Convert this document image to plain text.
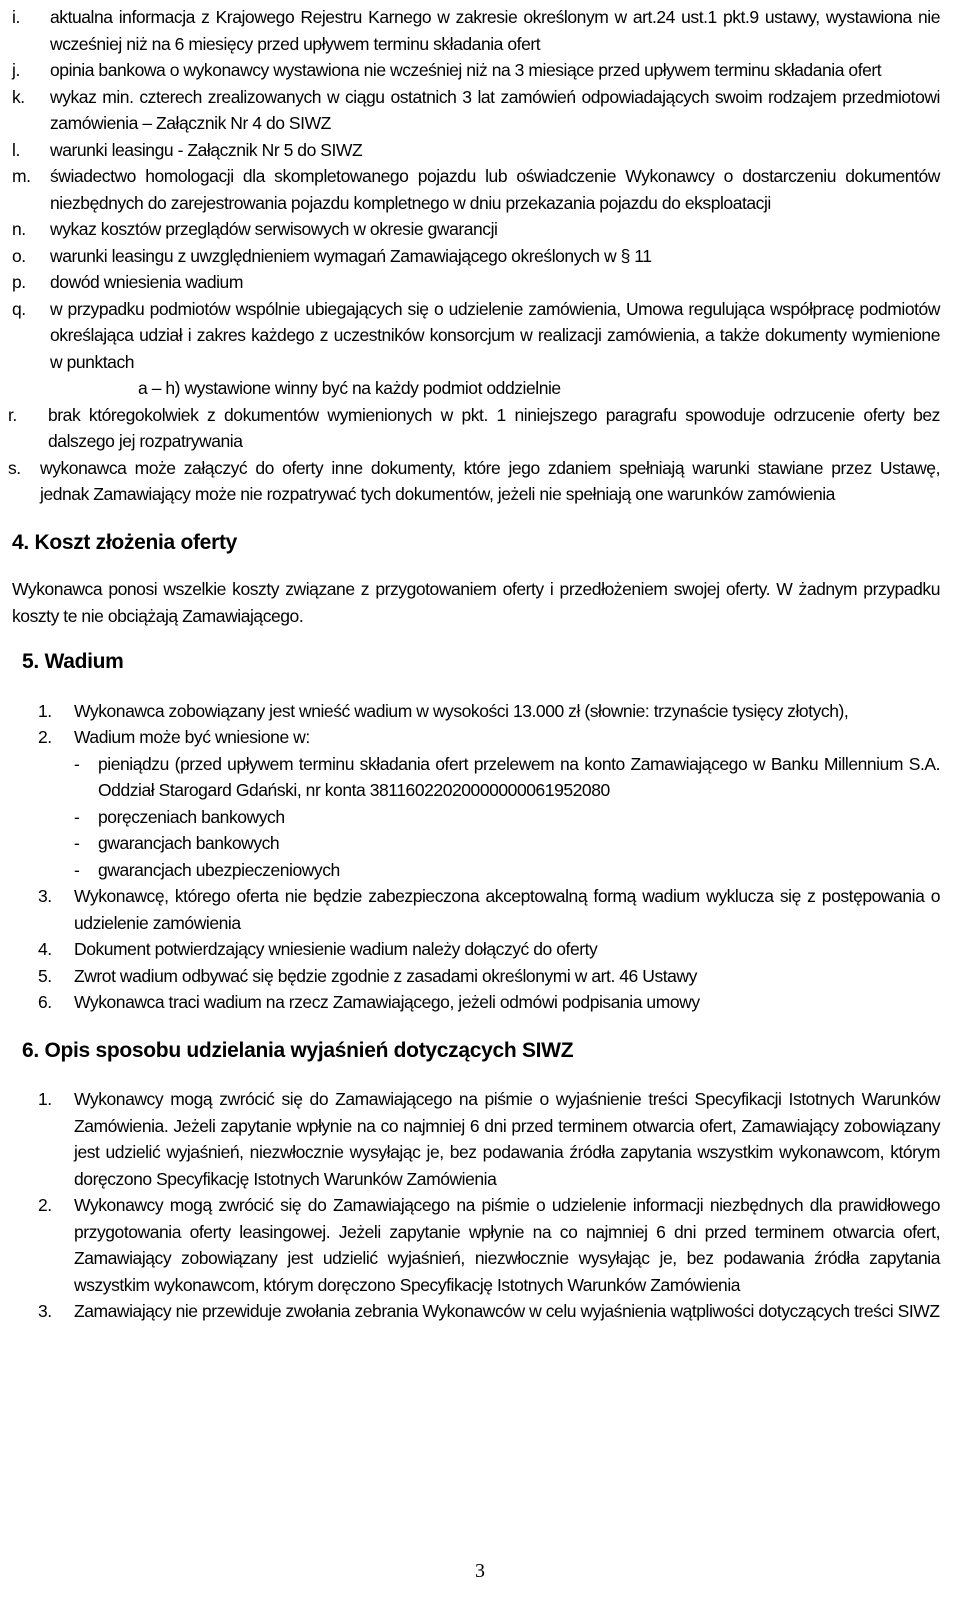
i.	aktualna informacja z Krajowego Rejestru Karnego w zakresie określonym w art.24 ust.1 pkt.9 ustawy, wystawiona nie wcześniej niż na 6 miesięcy przed upływem terminu składania ofert
j.	opinia bankowa o wykonawcy wystawiona nie wcześniej niż na 3 miesiące przed upływem terminu składania ofert
k.	wykaz min. czterech zrealizowanych w ciągu ostatnich 3 lat zamówień odpowiadających swoim rodzajem przedmiotowi zamówienia – Załącznik Nr 4 do SIWZ
l.	warunki leasingu - Załącznik Nr 5 do SIWZ
m.	świadectwo homologacji dla skompletowanego pojazdu lub oświadczenie Wykonawcy o dostarczeniu dokumentów niezbędnych do zarejestrowania pojazdu kompletnego w dniu przekazania pojazdu do eksploatacji
n.	wykaz kosztów przeglądów serwisowych w okresie gwarancji
o.	warunki leasingu z uwzględnieniem wymagań Zamawiającego określonych w § 11
p.	dowód wniesienia wadium
q.	w przypadku podmiotów wspólnie ubiegających się o udzielenie zamówienia, Umowa regulująca współpracę podmiotów określająca udział i zakres każdego z uczestników konsorcjum w realizacji zamówienia, a także dokumenty wymienione w punktach
a – h) wystawione winny być na każdy podmiot oddzielnie
r.	brak któregokolwiek z dokumentów wymienionych w pkt. 1 niniejszego paragrafu spowoduje odrzucenie oferty bez dalszego jej rozpatrywania
s.	wykonawca może załączyć do oferty inne dokumenty, które jego zdaniem spełniają warunki stawiane przez Ustawę, jednak Zamawiający może nie rozpatrywać tych dokumentów, jeżeli nie spełniają one warunków zamówienia
4. Koszt złożenia oferty

Wykonawca ponosi wszelkie koszty związane z przygotowaniem oferty i przedłożeniem swojej oferty. W żadnym przypadku koszty te nie obciążają Zamawiającego.

5. Wadium
1.	Wykonawca zobowiązany jest wnieść wadium w wysokości 13.000 zł (słownie: trzynaście tysięcy złotych),
2.	Wadium może być wniesione w:
-	pieniądzu (przed upływem terminu składania ofert przelewem na konto Zamawiającego w Banku Millennium S.A. Oddział Starogard Gdański, nr konta 38116022020000000061952080
-	poręczeniach bankowych
-	gwarancjach bankowych
-	gwarancjach ubezpieczeniowych
3.	Wykonawcę, którego oferta nie będzie zabezpieczona akceptowalną formą wadium wyklucza się z postępowania o udzielenie zamówienia
4.	Dokument potwierdzający wniesienie wadium należy dołączyć do oferty
5.	Zwrot wadium odbywać się będzie zgodnie z zasadami określonymi w art. 46 Ustawy
6.	Wykonawca traci wadium na rzecz Zamawiającego, jeżeli odmówi podpisania umowy
6. Opis sposobu udzielania wyjaśnień dotyczących SIWZ
1.	Wykonawcy mogą zwrócić się do Zamawiającego na piśmie o wyjaśnienie treści Specyfikacji Istotnych Warunków Zamówienia. Jeżeli zapytanie wpłynie na co najmniej 6 dni przed terminem otwarcia ofert, Zamawiający zobowiązany jest udzielić wyjaśnień, niezwłocznie wysyłając je, bez podawania źródła zapytania wszystkim wykonawcom, którym doręczono Specyfikację Istotnych Warunków Zamówienia
2.	Wykonawcy mogą zwrócić się do Zamawiającego na piśmie o udzielenie informacji niezbędnych dla prawidłowego przygotowania oferty leasingowej. Jeżeli zapytanie wpłynie na co najmniej 6 dni przed terminem otwarcia ofert, Zamawiający zobowiązany jest udzielić wyjaśnień, niezwłocznie wysyłając je, bez podawania źródła zapytania wszystkim wykonawcom, którym doręczono Specyfikację Istotnych Warunków Zamówienia
3.	Zamawiający nie przewiduje zwołania zebrania Wykonawców w celu wyjaśnienia wątpliwości dotyczących treści SIWZ
3
